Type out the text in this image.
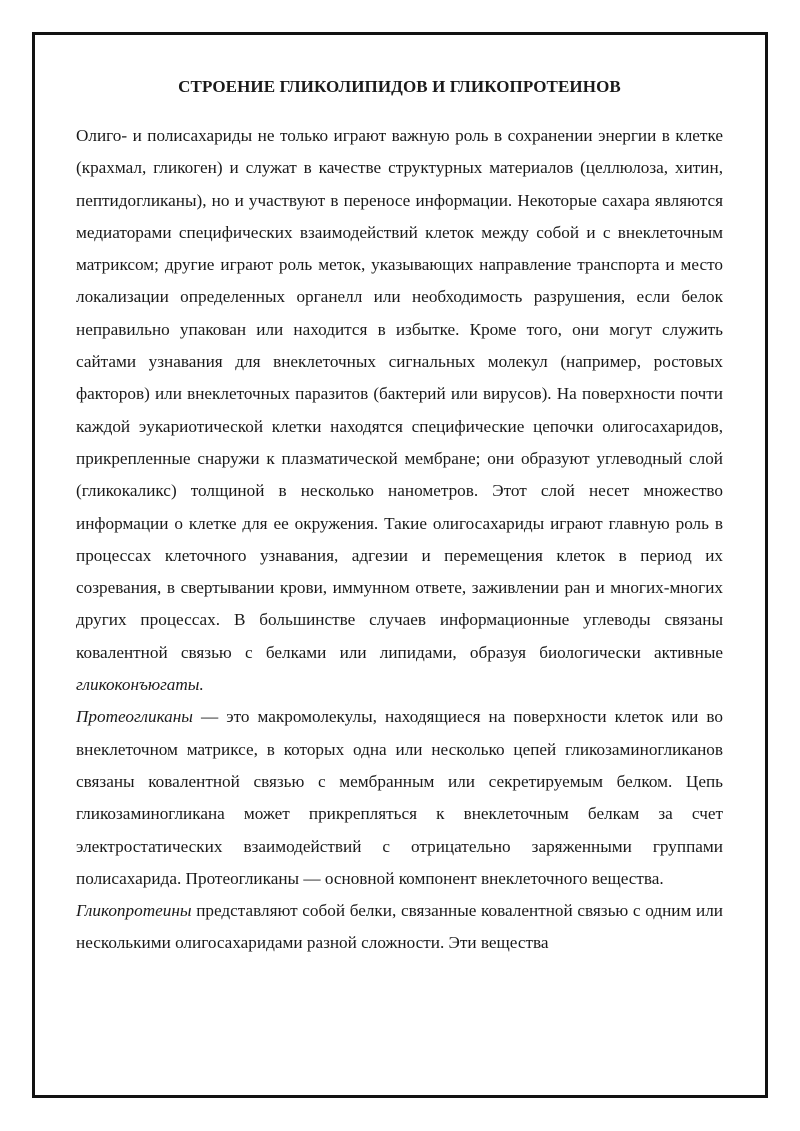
СТРОЕНИЕ ГЛИКОЛИПИДОВ И ГЛИКОПРОТЕИНОВ

Олиго- и полисахариды не только играют важную роль в сохранении энергии в клетке (крахмал, гликоген) и служат в качестве структурных материалов (целлюлоза, хитин, пептидогликаны), но и участвуют в переносе информации. Некоторые сахара являются медиаторами специфических взаимодействий клеток между собой и с внеклеточным матриксом; другие играют роль меток, указывающих направление транспорта и место локализации определенных органелл или необходимость разрушения, если белок неправильно упакован или находится в избытке. Кроме того, они могут служить сайтами узнавания для внеклеточных сигнальных молекул (например, ростовых факторов) или внеклеточных паразитов (бактерий или вирусов). На поверхности почти каждой эукариотической клетки находятся специфические цепочки олигосахаридов, прикрепленные снаружи к плазматической мембране; они образуют углеводный слой (гликокаликс) толщиной в несколько нанометров. Этот слой несет множество информации о клетке для ее окружения. Такие олигосахариды играют главную роль в процессах клеточного узнавания, адгезии и перемещения клеток в период их созревания, в свертывании крови, иммунном ответе, заживлении ран и многих-многих других процессах. В большинстве случаев информационные углеводы связаны ковалентной связью с белками или липидами, образуя биологически активные гликоконъюгаты.

Протеогликаны — это макромолекулы, находящиеся на поверхности клеток или во внеклеточном матриксе, в которых одна или несколько цепей гликозаминогликанов связаны ковалентной связью с мембранным или секретируемым белком. Цепь гликозаминогликана может прикрепляться к внеклеточным белкам за счет электростатических взаимодействий с отрицательно заряженными группами полисахарида. Протеогликаны — основной компонент внеклеточного вещества.

Гликопротеины представляют собой белки, связанные ковалентной связью с одним или несколькими олигосахаридами разной сложности. Эти вещества
